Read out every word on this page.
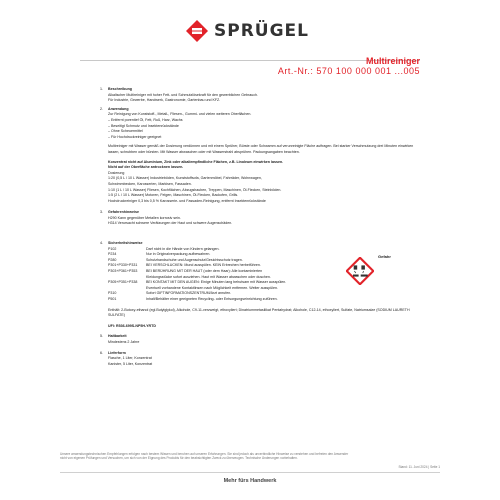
SPRÜGEL
Multireiniger
Art.-Nr.: 570 100 000 001 ...005
1.	Beschreibung
Alkalischer Multireiniger mit hoher Fett- und Schmutzlösekraft für den gewerblichen Gebrauch.
Für Industrie, Gewerbe, Handwerk, Gastronomie, Gartenbau und KFZ.
2.	Anwendung
Zur Reinigung von Kunststoff-, Metall-, Fliesen-, Gummi- und vielen weiteren Oberflächen.
– Entfernt porentief Öl, Fett, Ruß, Harz, Wachs
– Beseitigt Schmutz und Insektenrückstände
– Ohne Scheuermittel
– Für Hochdruckreiniger geeignet
Multireiniger mit Wasser gemäß der Dosierung verdünnen und mit einem Sprüher, Bürste oder Schwamm auf verunreinigte Fläche auftragen. Bei starker Verschmutzung drei Minuten einwirken lassen, schrubben oder bürsten. Mit Wasser abwaschen oder mit Wasserstrahl absprühen. Packungsangaben beachten.
Konzentrat nicht auf Aluminium, Zink oder alkaliempfindliche Flächen, z.B. Linoleum einwirken lassen.
Nicht auf der Oberfläche antrocknen lassen.
Dosierung
1:20 (0,5 L / 10 L Wasser) Industrieböden, Kunststoffsofa, Gartenmöbel, Fahrräder, Wohnwagen,
Schwimmbecken, Karosserien, Markisen, Fassaden.
1:10 (1 L / 10 L Wasser) Fliesen, Kochflächen, Abzugshauben, Treppen, Maschinen, Öl-Flecken, Steinböden.
1:5 (2 L / 10 L Wasser) Motoren, Felgen, Maschinen, Öl-Flecken, Backofen, Grills.
Hochdruckreiniger 0,3 bis 0,5 % Karosserie- und Fassaden-Reinigung, entfernt Insektenrückstände
3.	Gefahrenhinweise
H290 Kann gegenüber Metallen korrosiv sein.
H314 Verursacht schwere Verätzungen der Haut und schwere Augenschäden.
4.	Sicherheitshinweise
P102	Darf nicht in die Hände von Kindern gelangen.
P234	Nur in Originalverpackung aufbewahren.
P280	Schutzhandschuhe und Augenschutz/Gesichtsschutz tragen.
P301+P330+P331	BEI VERSCHLUCKEN: Mund ausspülen. KEIN Erbrechen herbeiführen.
P303+P361+P353	BEI BERÜHRUNG MIT DER HAUT (oder dem Haar): Alle kontaminierten
Kleidungsstücke sofort ausziehen. Haut mit Wasser abwaschen oder duschen.
P305+P351+P338	BEI KONTAKT MIT DEN AUGEN: Einige Minuten lang behutsam mit Wasser ausspülen.
Eventuell vorhandene Kontaktlinsen nach Möglichkeit entfernen. Weiter ausspülen.
P310	Sofort GIFTINFORMATIONSZENTRUM/Arzt anrufen.
P501	Inhalt/Behälter einer geeigneten Recycling- oder Entsorgungseinrichtung zuführen.
Enthält: 2-Butoxy-ethanol (egl.Butylglykol), Alkohole, C9-11-verzweigt, ethoxyliert; Dinatriummetasilikat Pentahydrat; Alkohole, C12-14, ethoxyliert, Sulfate, Natriumsalze (SODIUM LAURETH SULFATE)
UFI: R536-699S-NP5H-YRTD
5.	Haltbarkeit
Mindestens 2 Jahre
6.	Lieferform
Flasche, 1 Liter, Konzentrat
Kanister, 5 Liter, Konzentrat
Gefahr
Unsere anwendungstechnischen Empfehlungen erfolgen nach bestem Wissen und beruhen auf unseren Erfahrungen. Sie sind jedoch als unverbindliche Hinweise zu verstehen und befreien den Anwender
nicht von eigenen Prüfungen und Versuchen, um sich von der Eignung des Produkts für den beabsichtigten Zweck zu überzeugen. Technische Änderungen vorbehalten.
Stand: 11. Juni 2024 | Seite 1
Mehr fürs Handwerk
